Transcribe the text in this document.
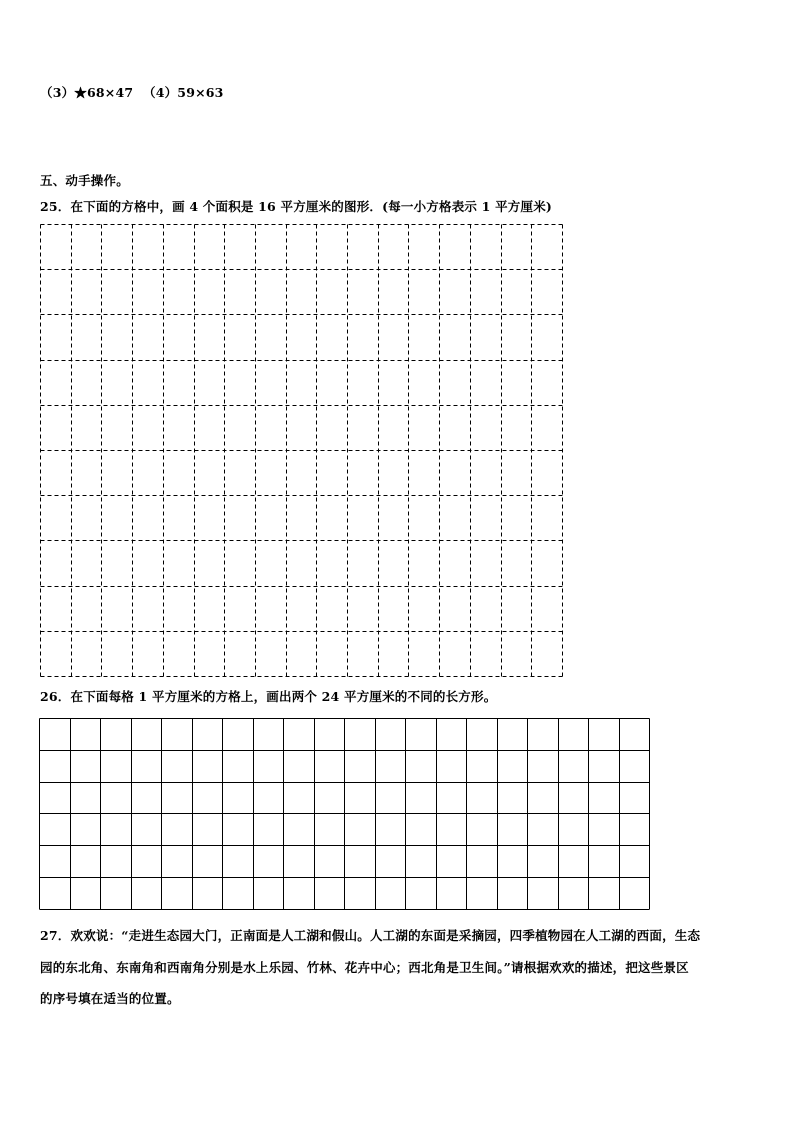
（3）★68×47 （4）59×63
五、动手操作。
25．在下面的方格中，画 4 个面积是 16 平方厘米的图形．(每一小方格表示 1 平方厘米)
26．在下面每格 1 平方厘米的方格上，画出两个 24 平方厘米的不同的长方形。
27．欢欢说：“走进生态园大门，正南面是人工湖和假山。人工湖的东面是采摘园，四季植物园在人工湖的西面，生态
园的东北角、东南角和西南角分别是水上乐园、竹林、花卉中心；西北角是卫生间。”请根据欢欢的描述，把这些景区
的序号填在适当的位置。
